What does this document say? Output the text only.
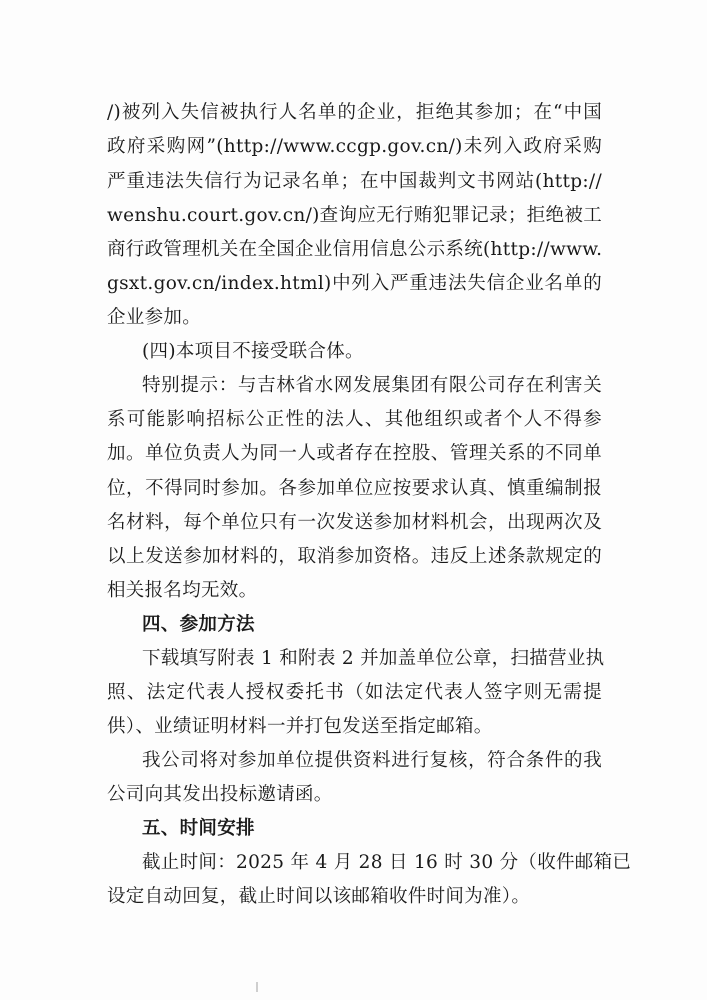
/)被列入失信被执行人名单的企业，拒绝其参加；在“中国
政府采购网”(http://www.ccgp.gov.cn/)未列入政府采购
严重违法失信行为记录名单；在中国裁判文书网站(http://
wenshu.court.gov.cn/)查询应无行贿犯罪记录；拒绝被工
商行政管理机关在全国企业信用信息公示系统(http://www.
gsxt.gov.cn/index.html)中列入严重违法失信企业名单的
企业参加。
(四)本项目不接受联合体。
特别提示：与吉林省水网发展集团有限公司存在利害关
系可能影响招标公正性的法人、其他组织或者个人不得参
加。单位负责人为同一人或者存在控股、管理关系的不同单
位，不得同时参加。各参加单位应按要求认真、慎重编制报
名材料，每个单位只有一次发送参加材料机会，出现两次及
以上发送参加材料的，取消参加资格。违反上述条款规定的
相关报名均无效。
四、参加方法
下载填写附表 1 和附表 2 并加盖单位公章，扫描营业执
照、法定代表人授权委托书（如法定代表人签字则无需提
供）、业绩证明材料一并打包发送至指定邮箱。
我公司将对参加单位提供资料进行复核，符合条件的我
公司向其发出投标邀请函。
五、时间安排
截止时间：2025 年 4 月 28 日 16 时 30 分（收件邮箱已
设定自动回复，截止时间以该邮箱收件时间为准）。
